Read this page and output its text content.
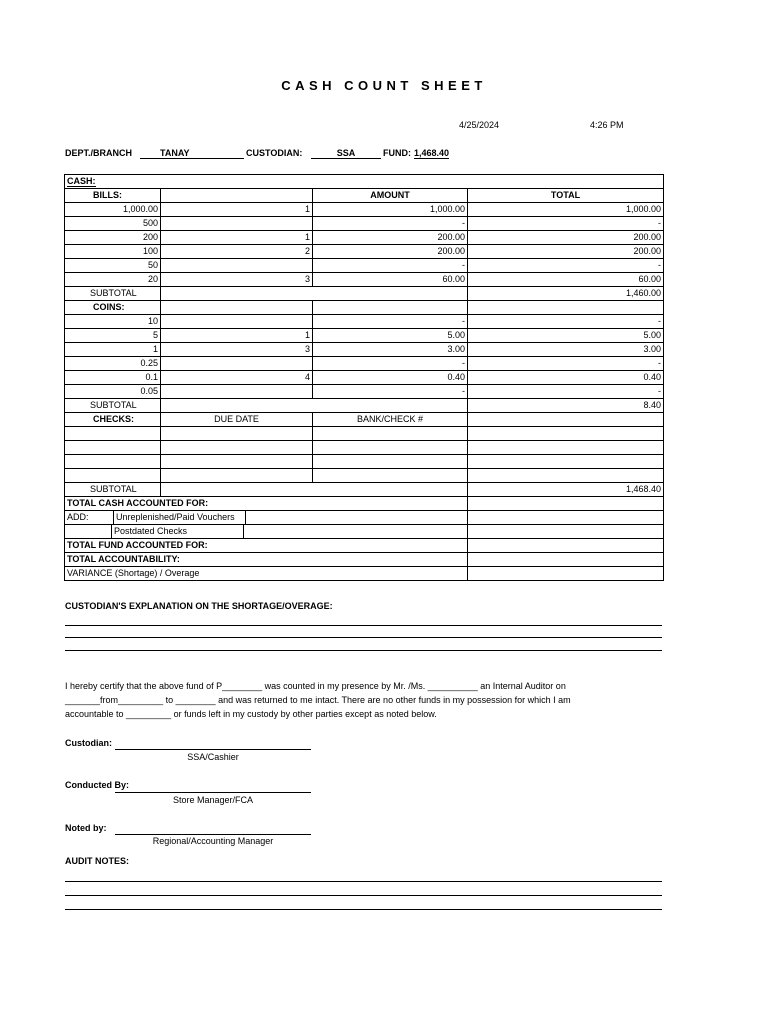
CASH COUNT SHEET
4/25/2024	4:26 PM
DEPT./BRANCH	TANAY	CUSTODIAN:	SSA	FUND: 1,468.40
CASH:			
BILLS:		AMOUNT	TOTAL
1,000.00	1	1,000.00	1,000.00
500		-	-
200	1	200.00	200.00
100	2	200.00	200.00
50		-	-
20	3	60.00	60.00
SUBTOTAL			1,460.00
COINS:			
10		-	-
5	1	5.00	5.00
1	3	3.00	3.00
0.25		-	-
0.1	4	0.40	0.40
0.05		-	-
SUBTOTAL			8.40
CHECKS:	DUE DATE	BANK/CHECK #	

SUBTOTAL			1,468.40
TOTAL CASH ACCOUNTED FOR:			

ADD: Unreplenished/Paid Vouchers			

Postdated Checks			

TOTAL FUND ACCOUNTED FOR:			
TOTAL ACCOUNTABILITY:			
VARIANCE (Shortage) / Overage			
CUSTODIAN'S EXPLANATION ON THE SHORTAGE/OVERAGE:
I hereby certify that the above fund of P________ was counted in my presence by Mr. /Ms. __________ an Internal Auditor on
_______from_________ to ________ and was returned to me intact. There are no other funds in my possession for which I am
accountable to _________ or funds left in my custody by other parties except as noted below.
Custodian:
SSA/Cashier
Conducted By:
Store Manager/FCA
Noted by:
Regional/Accounting Manager
AUDIT NOTES:
